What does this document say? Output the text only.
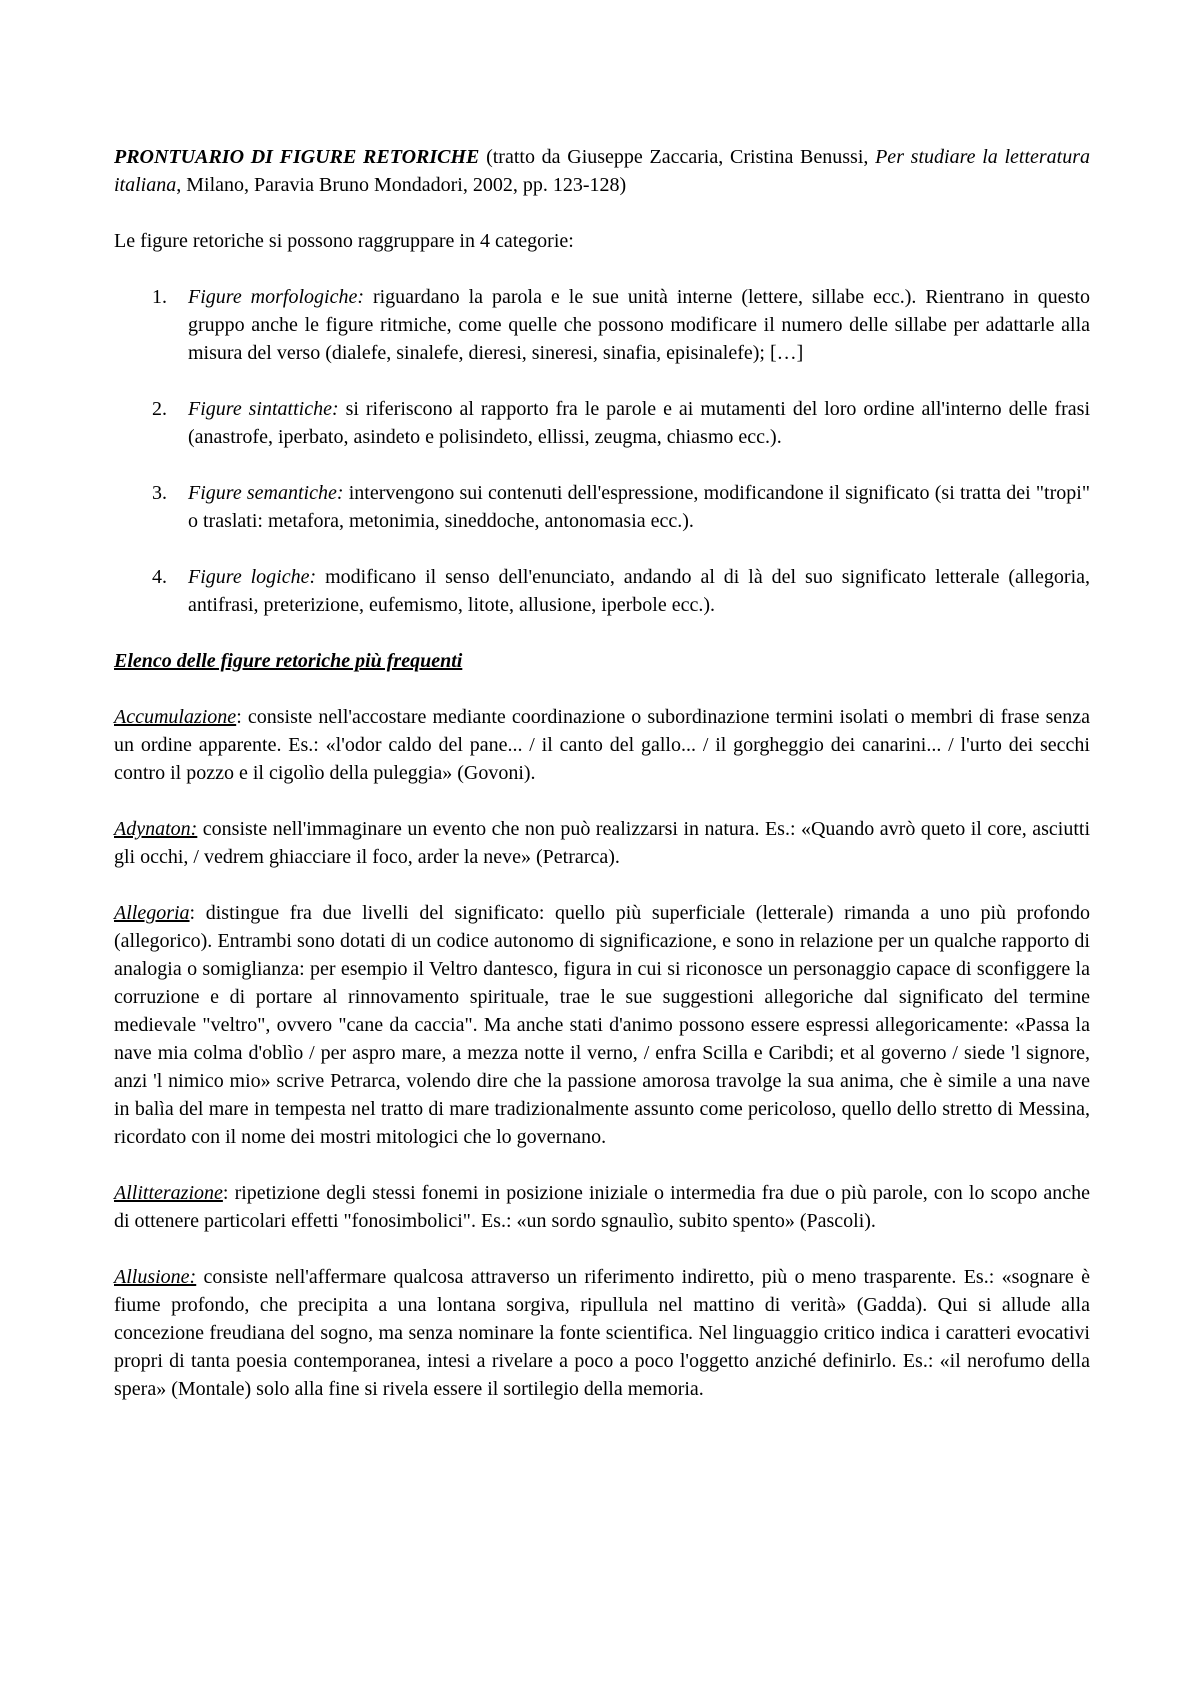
PRONTUARIO DI FIGURE RETORICHE (tratto da Giuseppe Zaccaria, Cristina Benussi, Per studiare la letteratura italiana, Milano, Paravia Bruno Mondadori, 2002, pp. 123-128)

Le figure retoriche si possono raggruppare in 4 categorie:

1. Figure morfologiche: riguardano la parola e le sue unità interne (lettere, sillabe ecc.). Rientrano in questo gruppo anche le figure ritmiche, come quelle che possono modificare il numero delle sillabe per adattarle alla misura del verso (dialefe, sinalefe, dieresi, sineresi, sinafia, episinalefe); […]
2. Figure sintattiche: si riferiscono al rapporto fra le parole e ai mutamenti del loro ordine all'interno delle frasi (anastrofe, iperbato, asindeto e polisindeto, ellissi, zeugma, chiasmo ecc.).
3. Figure semantiche: intervengono sui contenuti dell'espressione, modificandone il significato (si tratta dei "tropi" o traslati: metafora, metonimia, sineddoche, antonomasia ecc.).
4. Figure logiche: modificano il senso dell'enunciato, andando al di là del suo significato letterale (allegoria, antifrasi, preterizione, eufemismo, litote, allusione, iperbole ecc.).

Elenco delle figure retoriche più frequenti

Accumulazione: consiste nell'accostare mediante coordinazione o subordinazione termini isolati o membri di frase senza un ordine apparente. Es.: «l'odor caldo del pane... / il canto del gallo... / il gorgheggio dei canarini... / l'urto dei secchi contro il pozzo e il cigolìo della puleggia» (Govoni).

Adynaton: consiste nell'immaginare un evento che non può realizzarsi in natura. Es.: «Quando avrò queto il core, asciutti gli occhi, / vedrem ghiacciare il foco, arder la neve» (Petrarca).

Allegoria: distingue fra due livelli del significato: quello più superficiale (letterale) rimanda a uno più profondo (allegorico). Entrambi sono dotati di un codice autonomo di significazione, e sono in relazione per un qualche rapporto di analogia o somiglianza: per esempio il Veltro dantesco, figura in cui si riconosce un personaggio capace di sconfiggere la corruzione e di portare al rinnovamento spirituale, trae le sue suggestioni allegoriche dal significato del termine medievale "veltro", ovvero "cane da caccia". Ma anche stati d'animo possono essere espressi allegoricamente: «Passa la nave mia colma d'oblìo / per aspro mare, a mezza notte il verno, / enfra Scilla e Caribdi; et al governo / siede 'l signore, anzi 'l nimico mio» scrive Petrarca, volendo dire che la passione amorosa travolge la sua anima, che è simile a una nave in balìa del mare in tempesta nel tratto di mare tradizionalmente assunto come pericoloso, quello dello stretto di Messina, ricordato con il nome dei mostri mitologici che lo governano.

Allitterazione: ripetizione degli stessi fonemi in posizione iniziale o intermedia fra due o più parole, con lo scopo anche di ottenere particolari effetti "fonosimbolici". Es.: «un sordo sgnaulìo, subito spento» (Pascoli).

Allusione: consiste nell'affermare qualcosa attraverso un riferimento indiretto, più o meno trasparente. Es.: «sognare è fiume profondo, che precipita a una lontana sorgiva, ripullula nel mattino di verità» (Gadda). Qui si allude alla concezione freudiana del sogno, ma senza nominare la fonte scientifica. Nel linguaggio critico indica i caratteri evocativi propri di tanta poesia contemporanea, intesi a rivelare a poco a poco l'oggetto anziché definirlo. Es.: «il nerofumo della spera» (Montale) solo alla fine si rivela essere il sortilegio della memoria.
